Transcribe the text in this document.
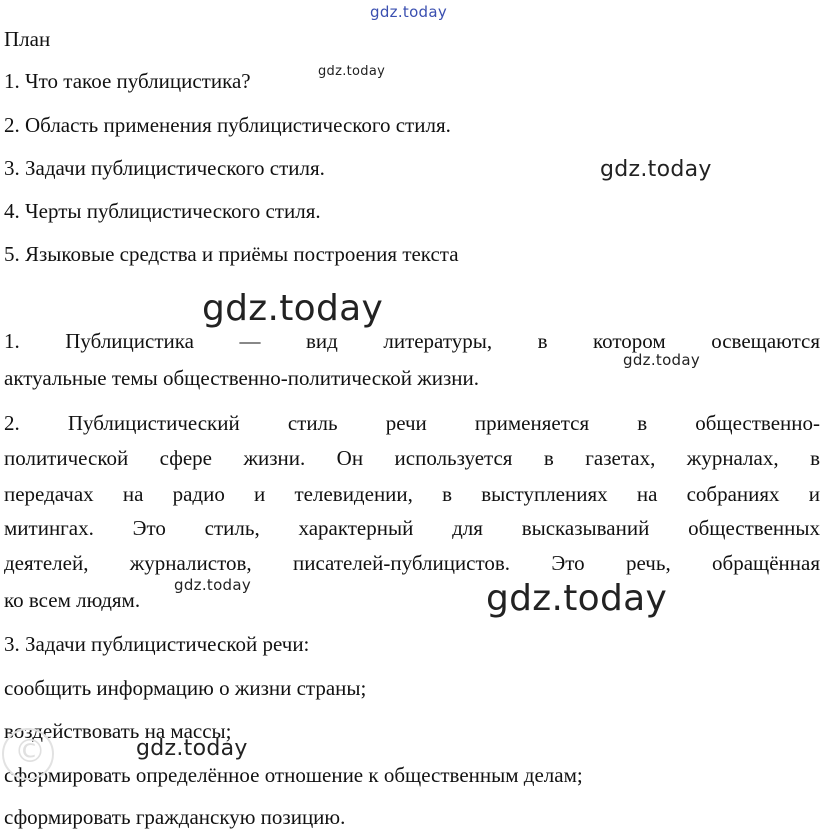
gdz.today
План
1. Что такое публицистика?
2. Область применения публицистического стиля.
3. Задачи публицистического стиля.
4. Черты публицистического стиля.
5. Языковые средства и приёмы построения текста
1. Публицистика — вид литературы, в котором освещаются
актуальные темы общественно-политической жизни.
2. Публицистический стиль речи применяется в общественно-
политической сфере жизни. Он используется в газетах, журналах, в
передачах на радио и телевидении, в выступлениях на собраниях и
митингах. Это стиль, характерный для высказываний общественных
деятелей, журналистов, писателей-публицистов. Это речь, обращённая
ко всем людям.
3. Задачи публицистической речи:
сообщить информацию о жизни страны;
воздействовать на массы;
сформировать определённое отношение к общественным делам;
сформировать гражданскую позицию.
©
gdz.today
gdz.today
gdz.today
gdz.today
gdz.today	gdz.today
gdz.today
